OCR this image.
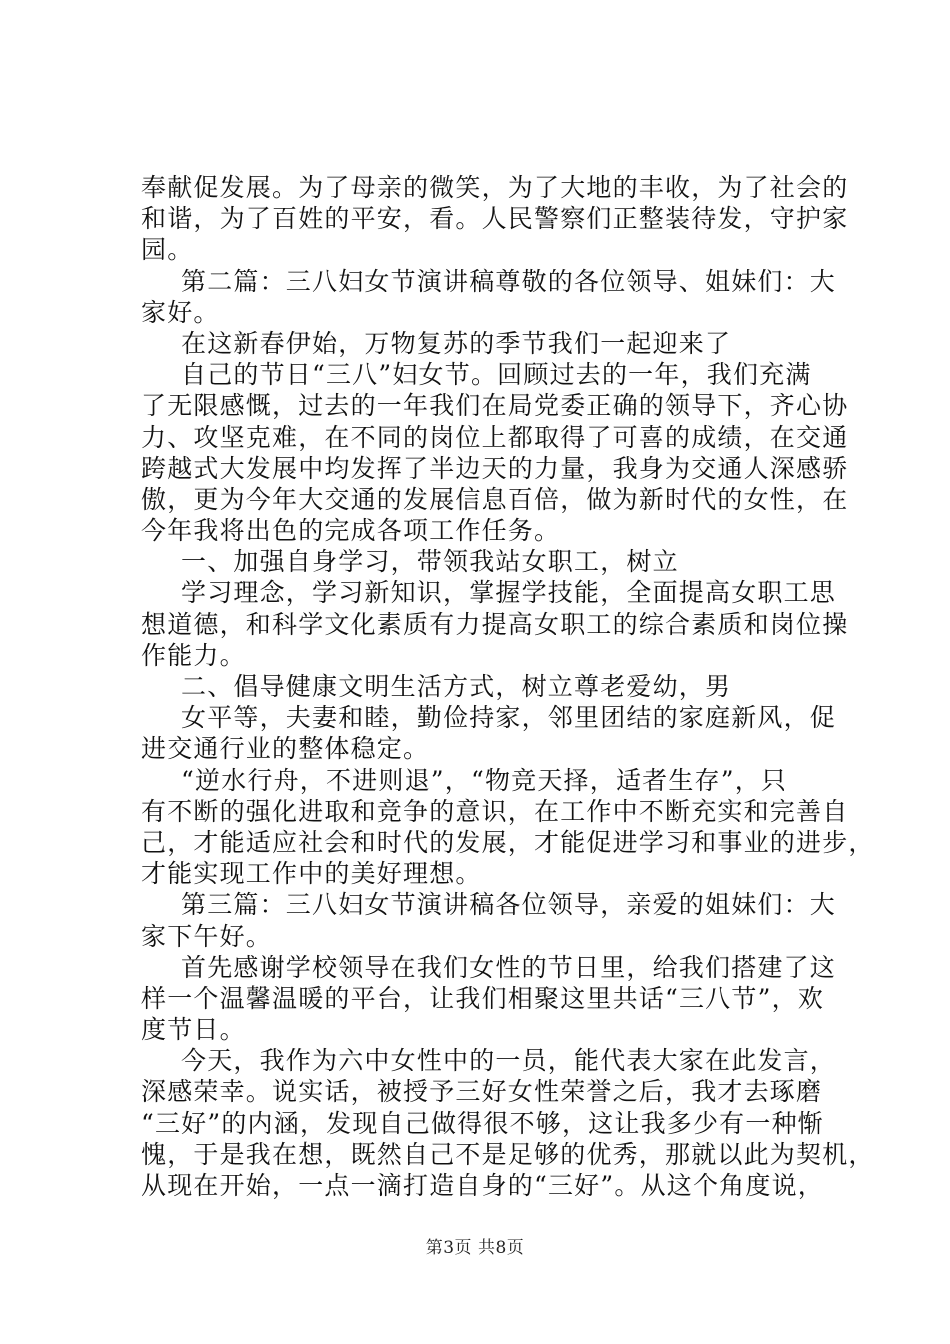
奉献促发展。为了母亲的微笑，为了大地的丰收，为了社会的
和谐，为了百姓的平安，看。人民警察们正整装待发，守护家
园。
第二篇：三八妇女节演讲稿尊敬的各位领导、姐妹们：大
家好。
在这新春伊始，万物复苏的季节我们一起迎来了
自己的节日“三八”妇女节。回顾过去的一年，我们充满
了无限感慨，过去的一年我们在局党委正确的领导下，齐心协
力、攻坚克难，在不同的岗位上都取得了可喜的成绩，在交通
跨越式大发展中均发挥了半边天的力量，我身为交通人深感骄
傲，更为今年大交通的发展信息百倍，做为新时代的女性，在
今年我将出色的完成各项工作任务。
一、加强自身学习，带领我站女职工，树立
学习理念，学习新知识，掌握学技能，全面提高女职工思
想道德，和科学文化素质有力提高女职工的综合素质和岗位操
作能力。
二、倡导健康文明生活方式，树立尊老爱幼，男
女平等，夫妻和睦，勤俭持家，邻里团结的家庭新风，促
进交通行业的整体稳定。
“逆水行舟，不进则退”，“物竞天择，适者生存”，只
有不断的强化进取和竞争的意识，在工作中不断充实和完善自
己，才能适应社会和时代的发展，才能促进学习和事业的进步，
才能实现工作中的美好理想。
第三篇：三八妇女节演讲稿各位领导，亲爱的姐妹们：大
家下午好。
首先感谢学校领导在我们女性的节日里，给我们搭建了这
样一个温馨温暖的平台，让我们相聚这里共话“三八节”，欢
度节日。
今天，我作为六中女性中的一员，能代表大家在此发言，
深感荣幸。说实话，被授予三好女性荣誉之后，我才去琢磨
“三好”的内涵，发现自己做得很不够，这让我多少有一种惭
愧，于是我在想，既然自己不是足够的优秀，那就以此为契机，
从现在开始，一点一滴打造自身的“三好”。从这个角度说，
第3页 共8页
